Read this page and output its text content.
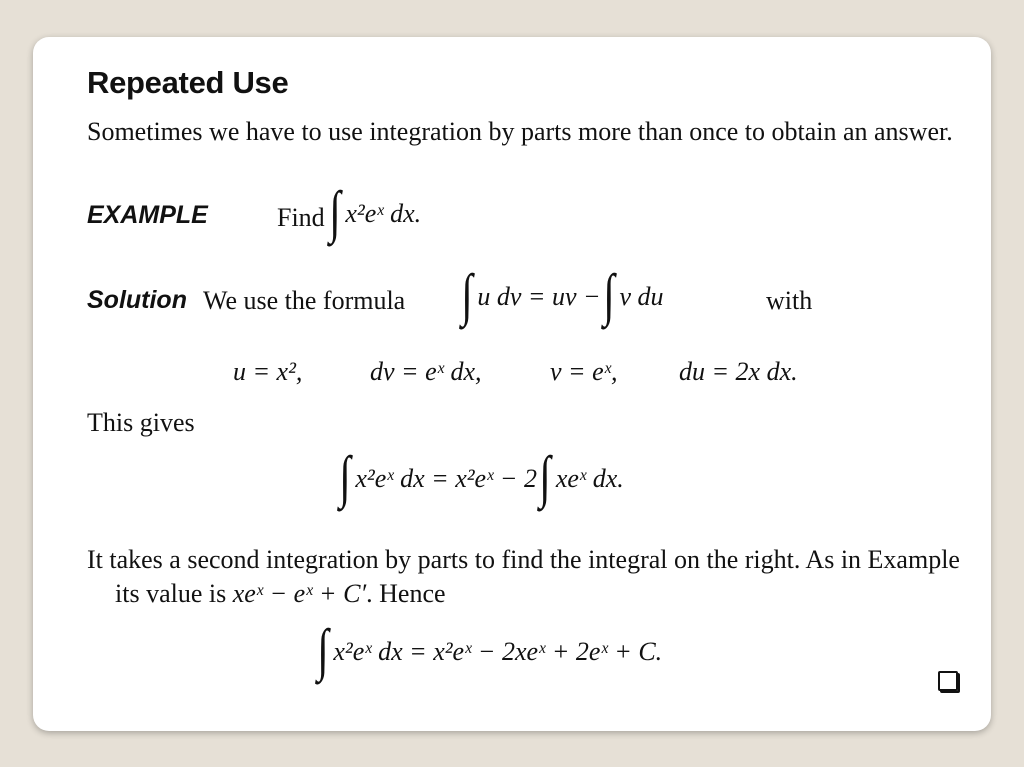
Repeated Use
Sometimes we have to use integration by parts more than once to obtain an answer.
EXAMPLE	Find ∫ x²eˣ dx.
Solution We use the formula ∫ u dv = uv − ∫ v du	with
u = x²,	dv = eˣ dx,	v = eˣ, du = 2x dx.
This gives
∫ x²eˣ dx = x²eˣ − 2 ∫ xeˣ dx.
It takes a second integration by parts to find the integral on the right. As in Example
its value is xeˣ − eˣ + C′. Hence
∫ x²eˣ dx = x²eˣ − 2xeˣ + 2eˣ + C.
